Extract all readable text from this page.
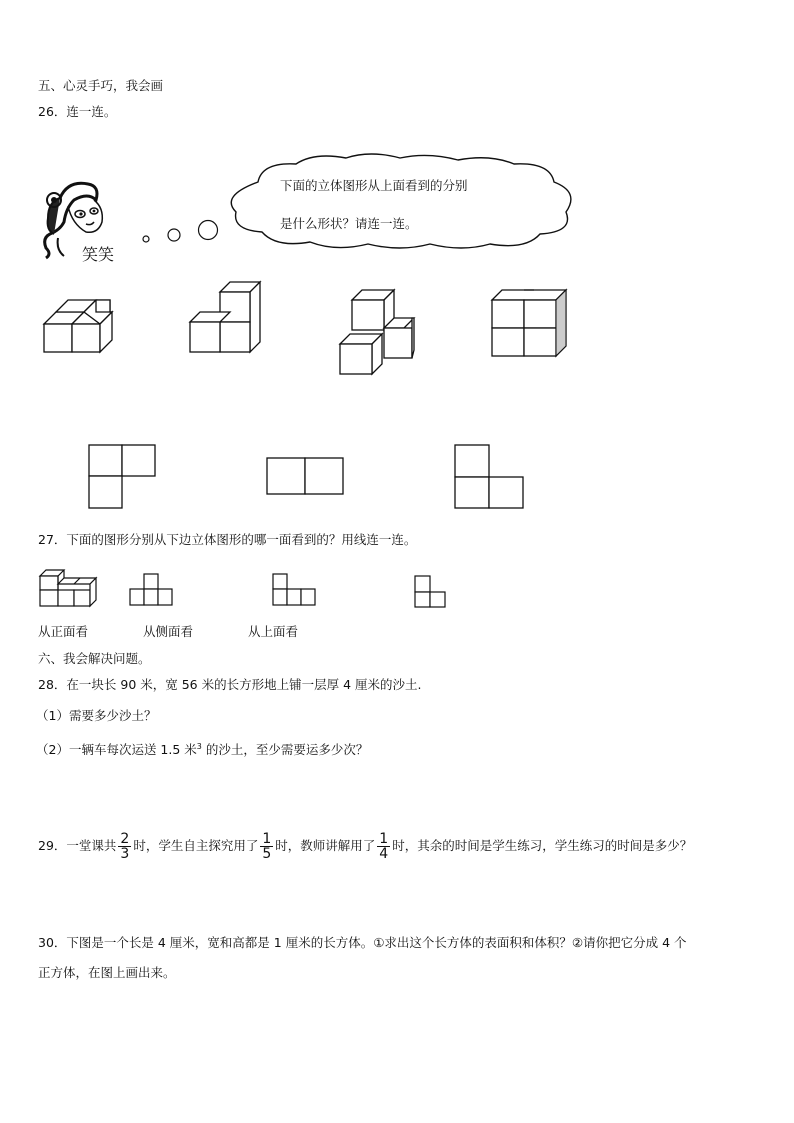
五、心灵手巧，我会画
26．连一连。
笑笑
下面的立体图形从上面看到的分别
是什么形状？请连一连。
27．下面的图形分别从下边立体图形的哪一面看到的？用线连一连。
从正面看	从侧面看	从上面看
六、我会解决问题。
28．在一块长 90 米，宽 56 米的长方形地上铺一层厚 4 厘米的沙土.
（1）需要多少沙土？
（2）一辆车每次运送 1.5 米$^3$ 的沙土，至少需要运多少次？
29．一堂课共 $\frac{2}{3}$ 时，学生自主探究用了 $\frac{1}{5}$ 时，教师讲解用了 $\frac{1}{4}$ 时，其余的时间是学生练习，学生练习的时间是多少？
30．下图是一个长是 4 厘米，宽和高都是 1 厘米的长方体。①求出这个长方体的表面积和体积？②请你把它分成 4 个
正方体，在图上画出来。
